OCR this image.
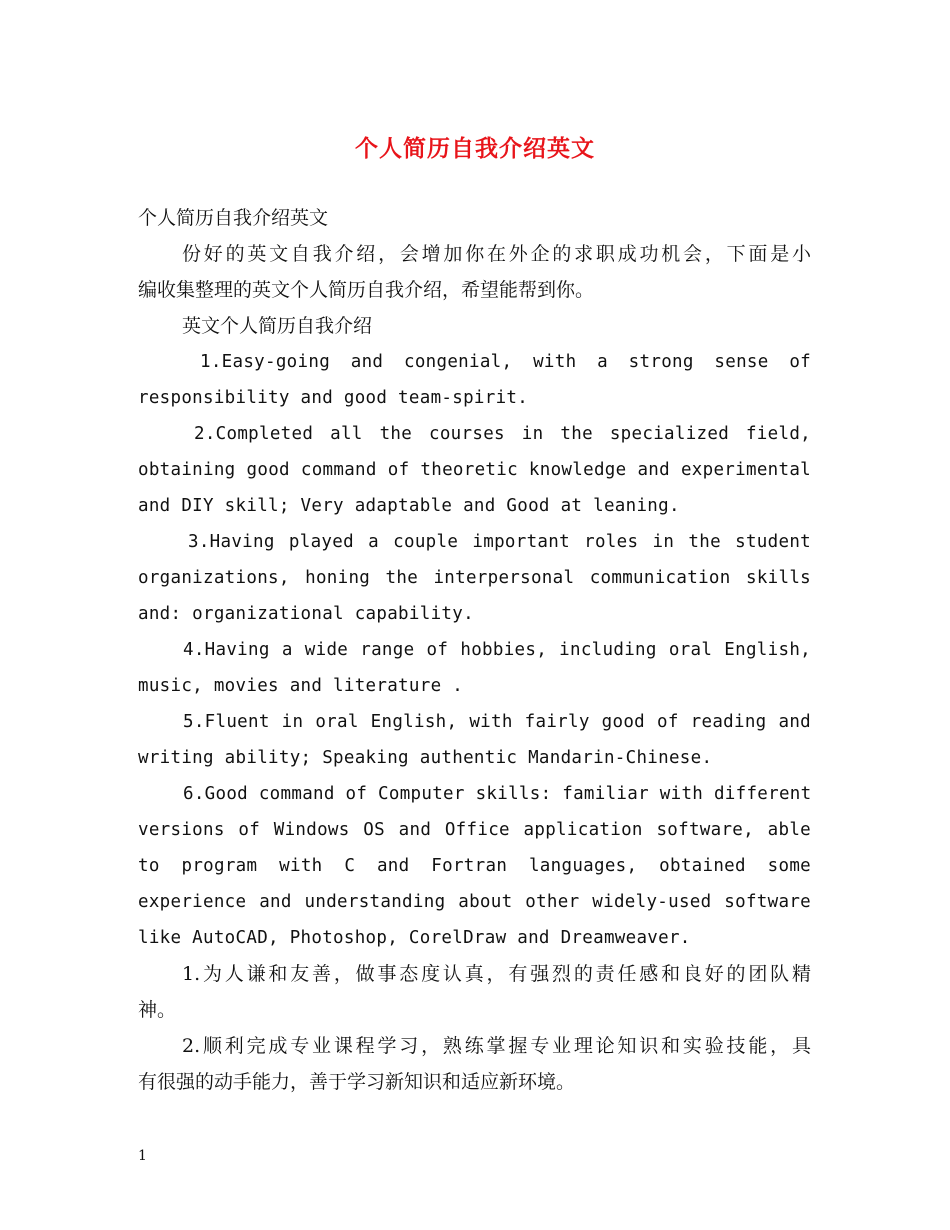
个人简历自我介绍英文
个人简历自我介绍英文
份好的英文自我介绍，会增加你在外企的求职成功机会，下面是小
编收集整理的英文个人简历自我介绍，希望能帮到你。
英文个人简历自我介绍
1.Easy-going and congenial, with a strong sense of
responsibility and good team-spirit.
2.Completed all the courses in the specialized field,
obtaining good command of theoretic knowledge and experimental
and DIY skill; Very adaptable and Good at leaning.
3.Having played a couple important roles in the student
organizations, honing the interpersonal communication skills
and: organizational capability.
4.Having a wide range of hobbies, including oral English,
music, movies and literature .
5.Fluent in oral English, with fairly good of reading and
writing ability; Speaking authentic Mandarin-Chinese.
6.Good command of Computer skills: familiar with different
versions of Windows OS and Office application software, able
to program with C and Fortran languages, obtained some
experience and understanding about other widely-used software
like AutoCAD, Photoshop, CorelDraw and Dreamweaver.
1.为人谦和友善，做事态度认真，有强烈的责任感和良好的团队精
神。
2.顺利完成专业课程学习，熟练掌握专业理论知识和实验技能，具
有很强的动手能力，善于学习新知识和适应新环境。
1
